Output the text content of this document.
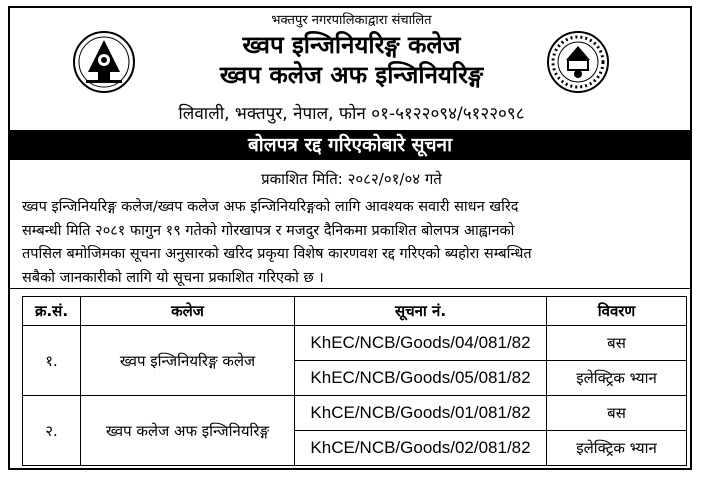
भक्तपुर नगरपालिकाद्वारा संचालित
ख्वप इन्जिनियरिङ्ग कलेज
ख्वप कलेज अफ इन्जिनियरिङ्ग
लिवाली, भक्तपुर, नेपाल, फोन ०१-५१२२०९४/५१२२०९८
बोलपत्र रद्द गरिएकोबारे सूचना
प्रकाशित मिति: २०८२/०१/०४ गते

ख्वप इन्जिनियरिङ्ग कलेज/ख्वप कलेज अफ इन्जिनियरिङ्गको लागि आवश्यक सवारी साधन खरिद

सम्बन्धी मिति २०८१ फागुन १९ गतेको गोरखापत्र र मजदुर दैनिकमा प्रकाशित बोलपत्र आह्वानको

तपसिल बमोजिमका सूचना अनुसारको खरिद प्रकृया विशेष कारणवश रद्द गरिएको ब्यहोरा सम्बन्धित

सबैको जानकारीको लागि यो सूचना प्रकाशित गरिएको छ ।

क्र.सं.	कलेज	सूचना नं.	विवरण
१.	ख्वप इन्जिनियरिङ्ग कलेज	KhEC/NCB/Goods/04/081/82	बस
		KhEC/NCB/Goods/05/081/82	इलेक्ट्रिक भ्यान
२.	ख्वप कलेज अफ इन्जिनियरिङ्ग	KhCE/NCB/Goods/01/081/82	बस
		KhCE/NCB/Goods/02/081/82	इलेक्ट्रिक भ्यान
